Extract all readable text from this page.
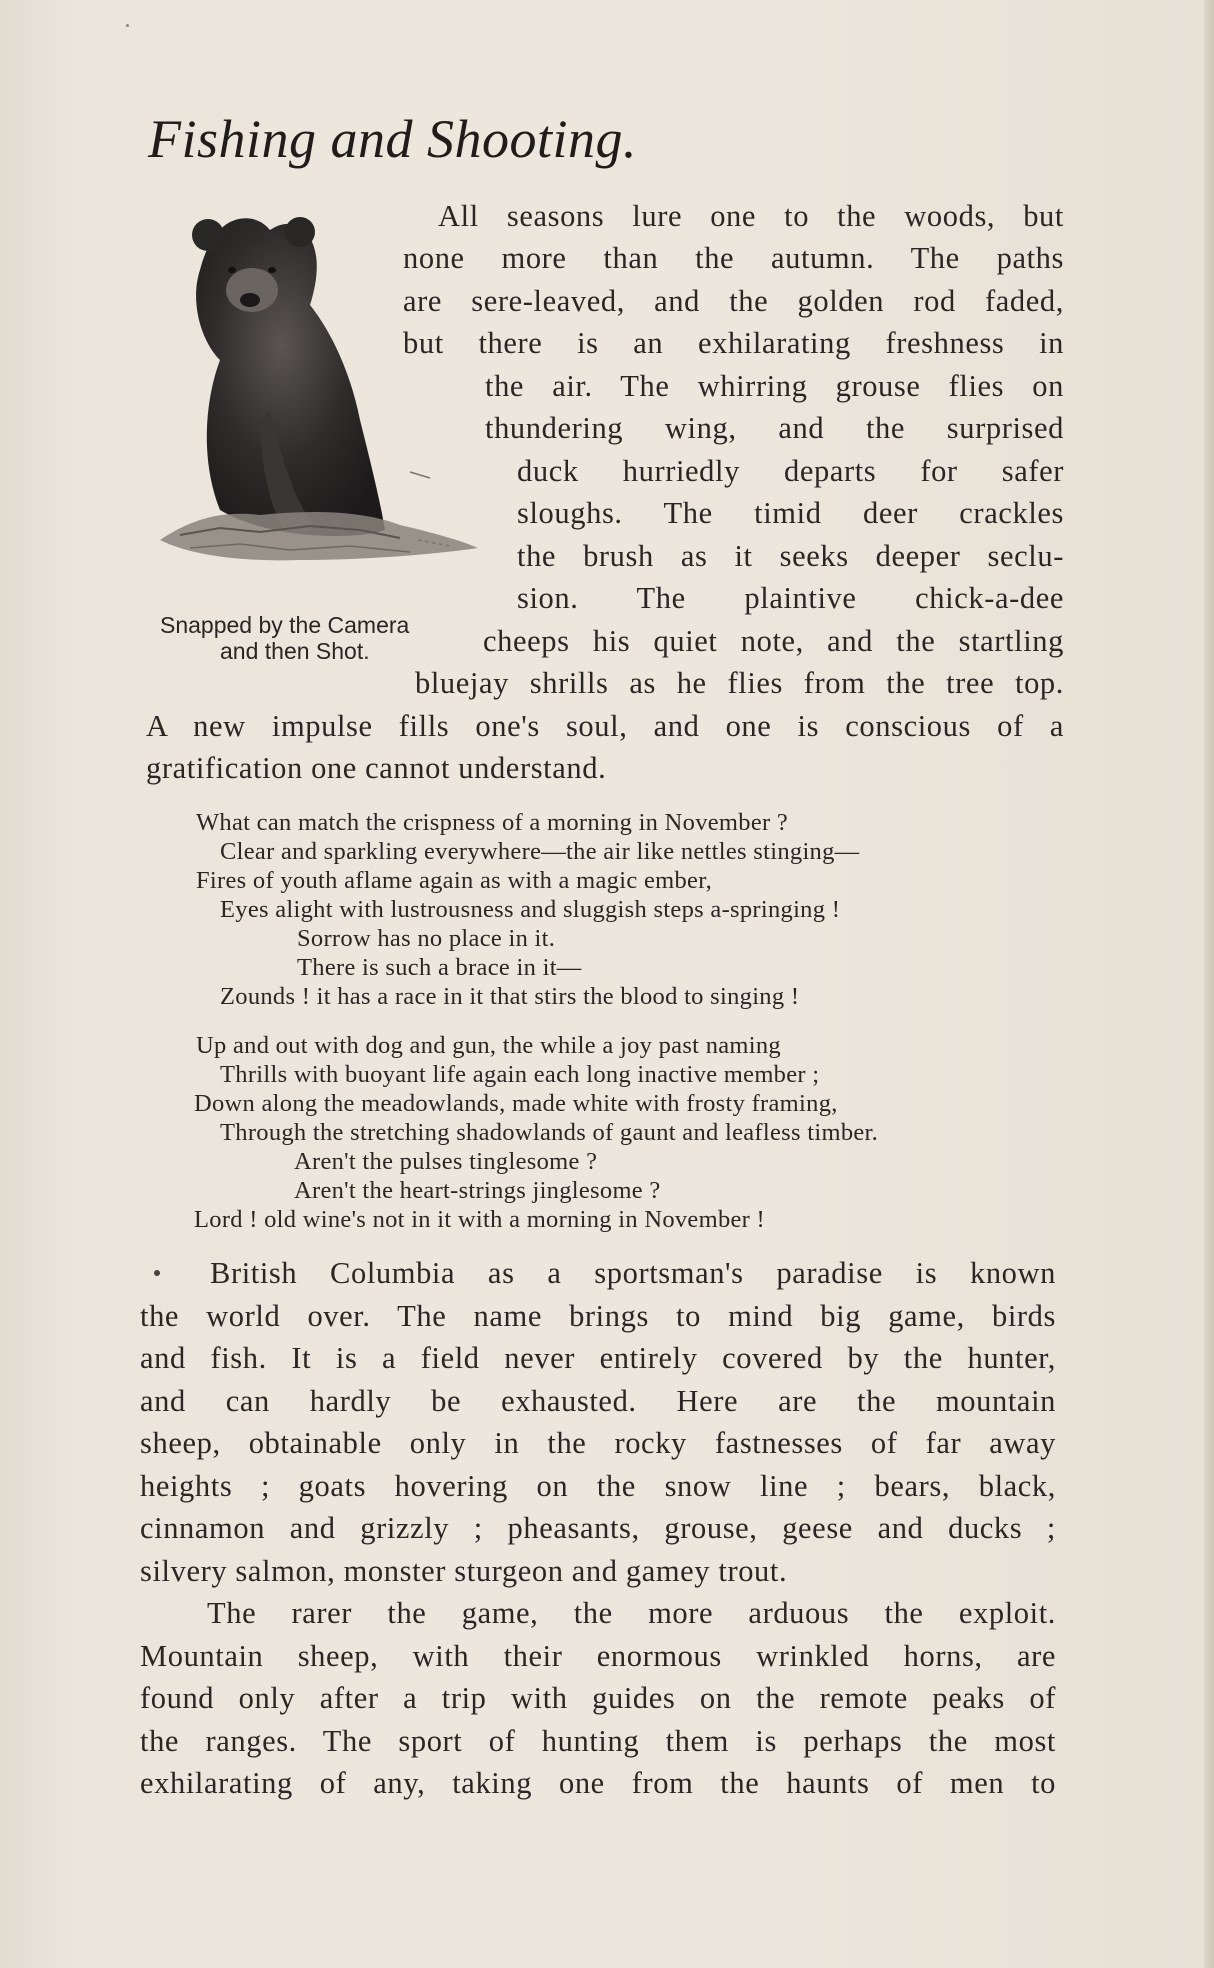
Fishing and Shooting.
Snapped by the Camera
and then Shot.
All seasons lure one to the woods, but
none more than the autumn. The paths
are sere-leaved, and the golden rod faded,
but there is an exhilarating freshness in
the air. The whirring grouse flies on
thundering wing, and the surprised
duck hurriedly departs for safer
sloughs. The timid deer crackles
the brush as it seeks deeper seclu-
sion. The plaintive chick-a-dee
cheeps his quiet note, and the startling
bluejay shrills as he flies from the tree top.
A new impulse fills one's soul, and one is conscious of a
gratification one cannot understand.
What can match the crispness of a morning in November ?
Clear and sparkling everywhere—the air like nettles stinging—
Fires of youth aflame again as with a magic ember,
Eyes alight with lustrousness and sluggish steps a-springing !
Sorrow has no place in it.
There is such a brace in it—
Zounds ! it has a race in it that stirs the blood to singing !
Up and out with dog and gun, the while a joy past naming
Thrills with buoyant life again each long inactive member ;
Down along the meadowlands, made white with frosty framing,
Through the stretching shadowlands of gaunt and leafless timber.
Aren't the pulses tinglesome ?
Aren't the heart-strings jinglesome ?
Lord ! old wine's not in it with a morning in November !
British Columbia as a sportsman's paradise is known
the world over. The name brings to mind big game, birds
and fish. It is a field never entirely covered by the hunter,
and can hardly be exhausted. Here are the mountain
sheep, obtainable only in the rocky fastnesses of far away
heights ; goats hovering on the snow line ; bears, black,
cinnamon and grizzly ; pheasants, grouse, geese and ducks ;
silvery salmon, monster sturgeon and gamey trout.
The rarer the game, the more arduous the exploit.
Mountain sheep, with their enormous wrinkled horns, are
found only after a trip with guides on the remote peaks of
the ranges. The sport of hunting them is perhaps the most
exhilarating of any, taking one from the haunts of men to
